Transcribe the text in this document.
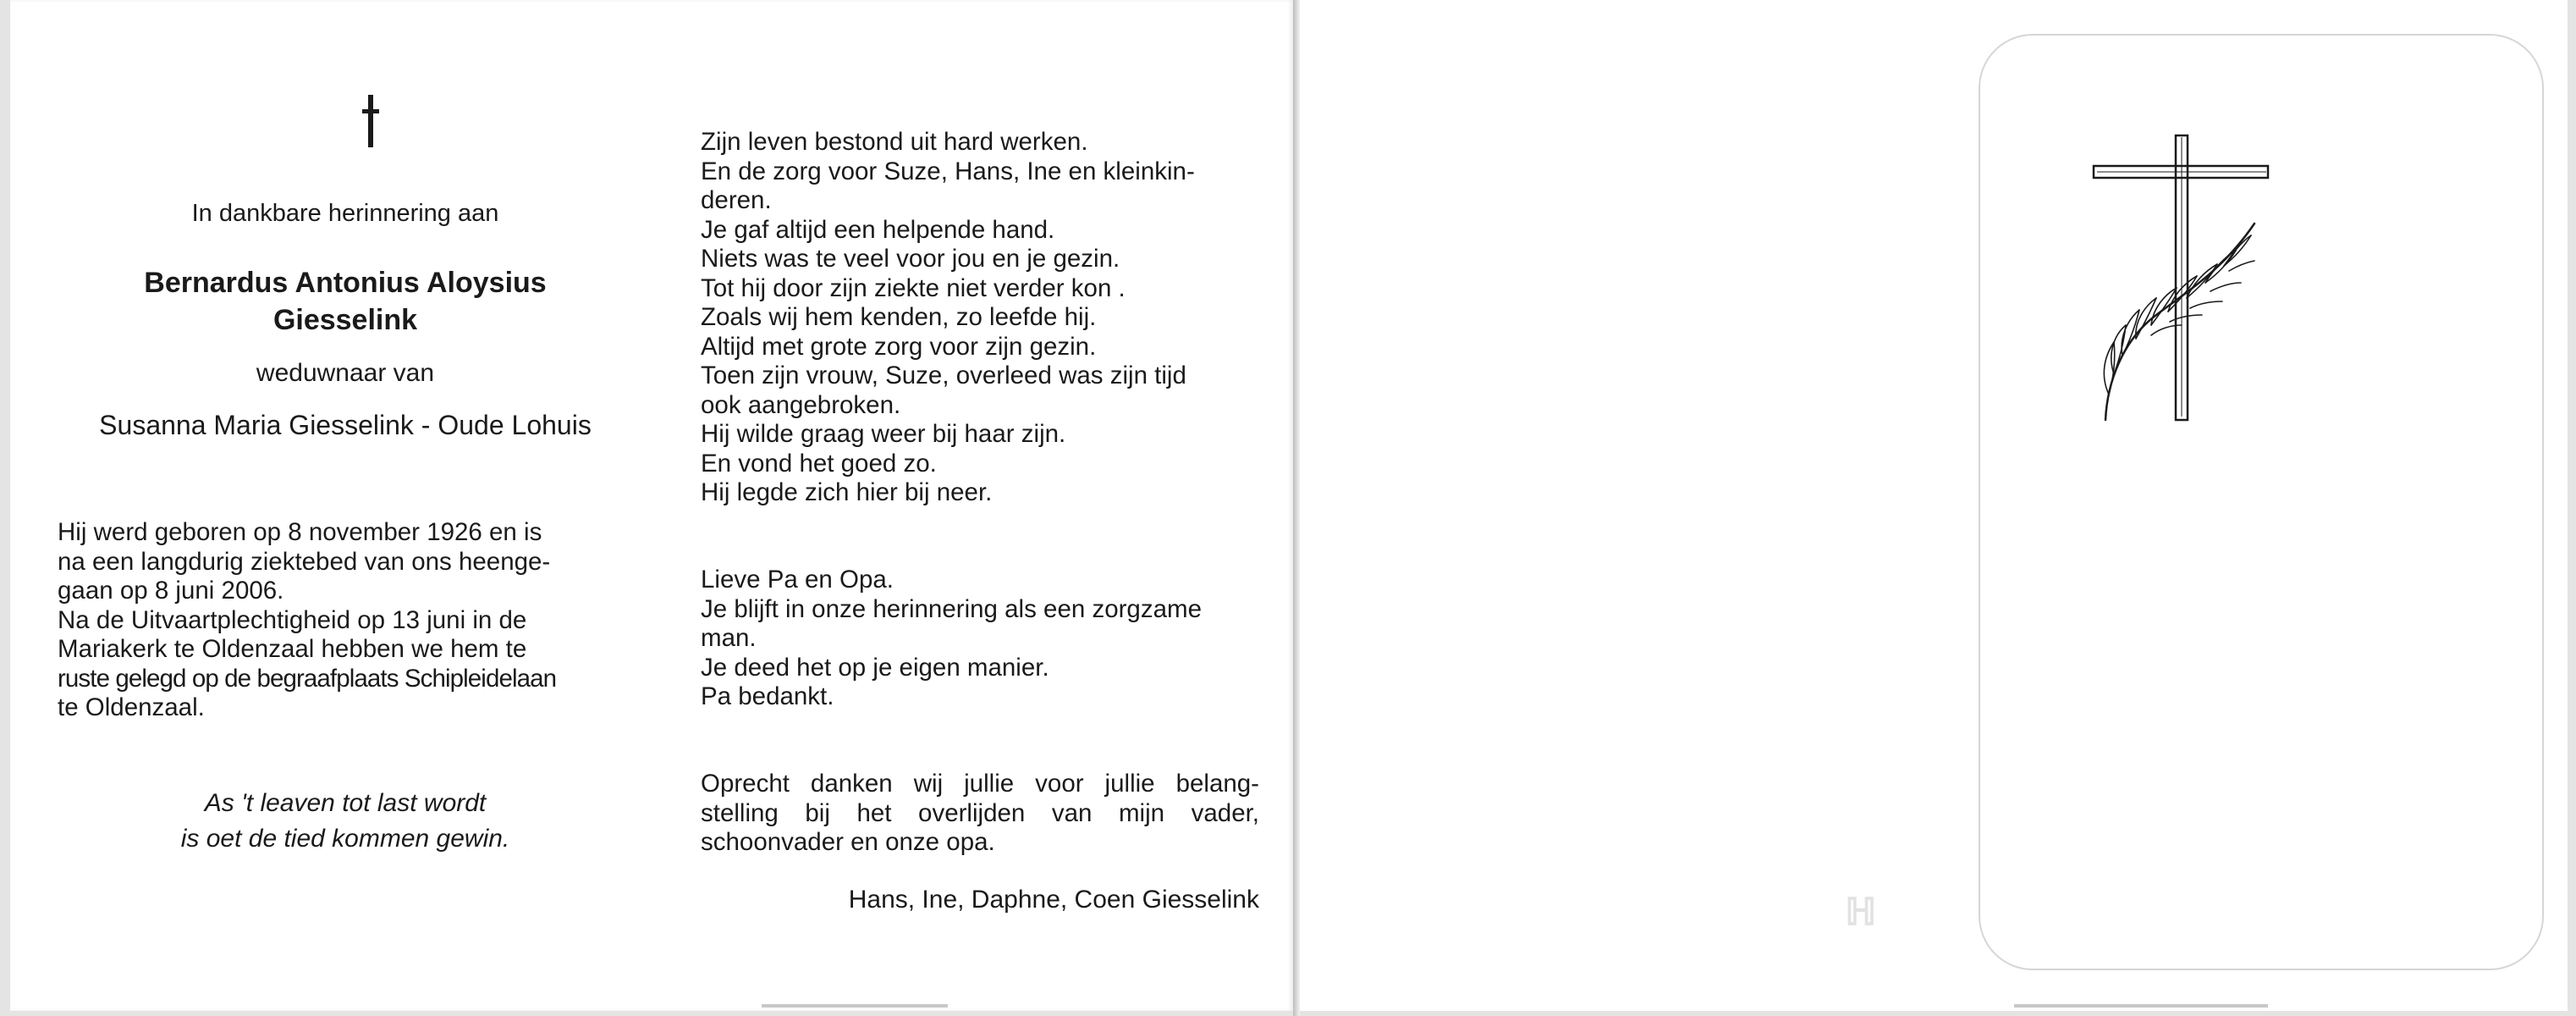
In dankbare herinnering aan
Bernardus Antonius Aloysius
Giesselink
weduwnaar van
Susanna Maria Giesselink - Oude Lohuis
Hij werd geboren op 8 november 1926 en is
na een langdurig ziektebed van ons heenge-
gaan op 8 juni 2006.
Na de Uitvaartplechtigheid op 13 juni in de
Mariakerk te Oldenzaal hebben we hem te
ruste gelegd op de begraafplaats Schipleidelaan
te Oldenzaal.
As 't leaven tot last wordt
is oet de tied kommen gewin.
Zijn leven bestond uit hard werken.
En de zorg voor Suze, Hans, Ine en kleinkin-
deren.
Je gaf altijd een helpende hand.
Niets was te veel voor jou en je gezin.
Tot hij door zijn ziekte niet verder kon .
Zoals wij hem kenden, zo leefde hij.
Altijd met grote zorg voor zijn gezin.
Toen zijn vrouw, Suze, overleed was zijn tijd
ook aangebroken.
Hij wilde graag weer bij haar zijn.
En vond het goed zo.
Hij legde zich hier bij neer.
Lieve Pa en Opa.
Je blijft in onze herinnering als een zorgzame
man.
Je deed het op je eigen manier.
Pa bedankt.
Oprecht danken wij jullie voor jullie belang-
stelling bij het overlijden van mijn vader,
schoonvader en onze opa.
Hans, Ine, Daphne, Coen Giesselink	ℍ
